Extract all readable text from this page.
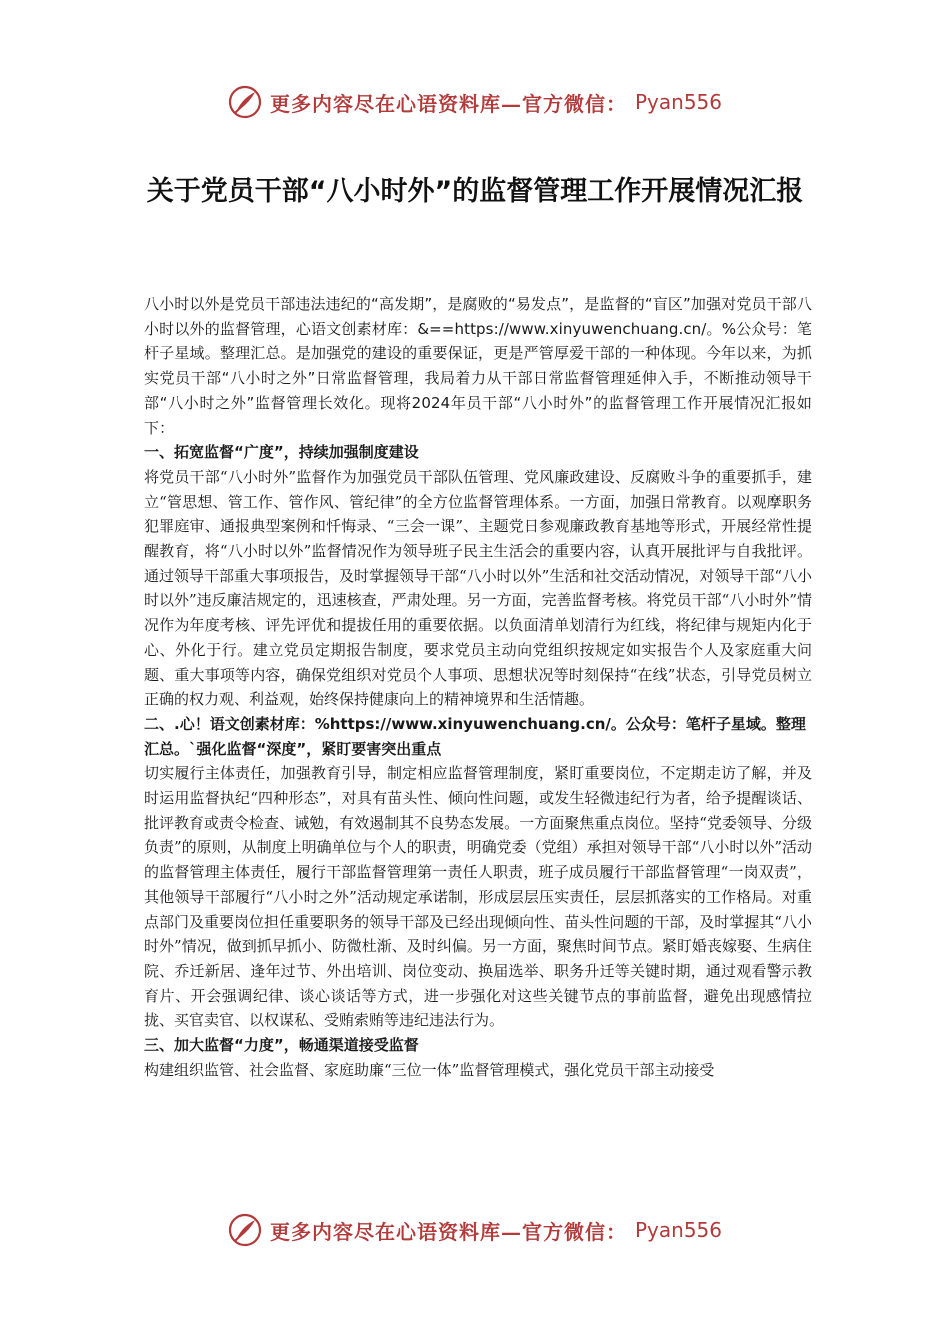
更多内容尽在心语资料库—官方微信： Pyan556
关于党员干部“八小时外”的监督管理工作开展情况汇报

八小时以外是党员干部违法违纪的“高发期”，是腐败的“易发点”，是监督的“盲区”加强对党员干部八小时以外的监督管理，心语文创素材库：&==https://www.xinyuwenchuang.cn/。%公众号：笔杆子星域。整理汇总。是加强党的建设的重要保证，更是严管厚爱干部的一种体现。今年以来，为抓实党员干部“八小时之外”日常监督管理，我局着力从干部日常监督管理延伸入手，不断推动领导干部“八小时之外”监督管理长效化。现将2024年员干部“八小时外”的监督管理工作开展情况汇报如下：

一、拓宽监督“广度”，持续加强制度建设

将党员干部“八小时外”监督作为加强党员干部队伍管理、党风廉政建设、反腐败斗争的重要抓手，建立“管思想、管工作、管作风、管纪律”的全方位监督管理体系。一方面，加强日常教育。以观摩职务犯罪庭审、通报典型案例和忏悔录、“三会一课”、主题党日参观廉政教育基地等形式，开展经常性提醒教育，将“八小时以外”监督情况作为领导班子民主生活会的重要内容，认真开展批评与自我批评。通过领导干部重大事项报告，及时掌握领导干部“八小时以外”生活和社交活动情况，对领导干部“八小时以外”违反廉洁规定的，迅速核查，严肃处理。另一方面，完善监督考核。将党员干部“八小时外”情况作为年度考核、评先评优和提拔任用的重要依据。以负面清单划清行为红线，将纪律与规矩内化于心、外化于行。建立党员定期报告制度，要求党员主动向党组织按规定如实报告个人及家庭重大问题、重大事项等内容，确保党组织对党员个人事项、思想状况等时刻保持“在线”状态，引导党员树立正确的权力观、利益观，始终保持健康向上的精神境界和生活情趣。

二、.心！语文创素材库：%https://www.xinyuwenchuang.cn/。公众号：笔杆子星域。整理汇总。`强化监督“深度”，紧盯要害突出重点

切实履行主体责任，加强教育引导，制定相应监督管理制度，紧盯重要岗位，不定期走访了解，并及时运用监督执纪“四种形态”，对具有苗头性、倾向性问题，或发生轻微违纪行为者，给予提醒谈话、批评教育或责令检查、诫勉，有效遏制其不良势态发展。一方面聚焦重点岗位。坚持“党委领导、分级负责”的原则，从制度上明确单位与个人的职责，明确党委（党组）承担对领导干部“八小时以外”活动的监督管理主体责任，履行干部监督管理第一责任人职责，班子成员履行干部监督管理“一岗双责”，其他领导干部履行“八小时之外”活动规定承诺制，形成层层压实责任，层层抓落实的工作格局。对重点部门及重要岗位担任重要职务的领导干部及已经出现倾向性、苗头性问题的干部，及时掌握其“八小时外”情况，做到抓早抓小、防微杜渐、及时纠偏。另一方面，聚焦时间节点。紧盯婚丧嫁娶、生病住院、乔迁新居、逢年过节、外出培训、岗位变动、换届选举、职务升迁等关键时期，通过观看警示教育片、开会强调纪律、谈心谈话等方式，进一步强化对这些关键节点的事前监督，避免出现感情拉拢、买官卖官、以权谋私、受贿索贿等违纪违法行为。

三、加大监督“力度”，畅通渠道接受监督

构建组织监管、社会监督、家庭助廉“三位一体”监督管理模式，强化党员干部主动接受

更多内容尽在心语资料库—官方微信： Pyan556
